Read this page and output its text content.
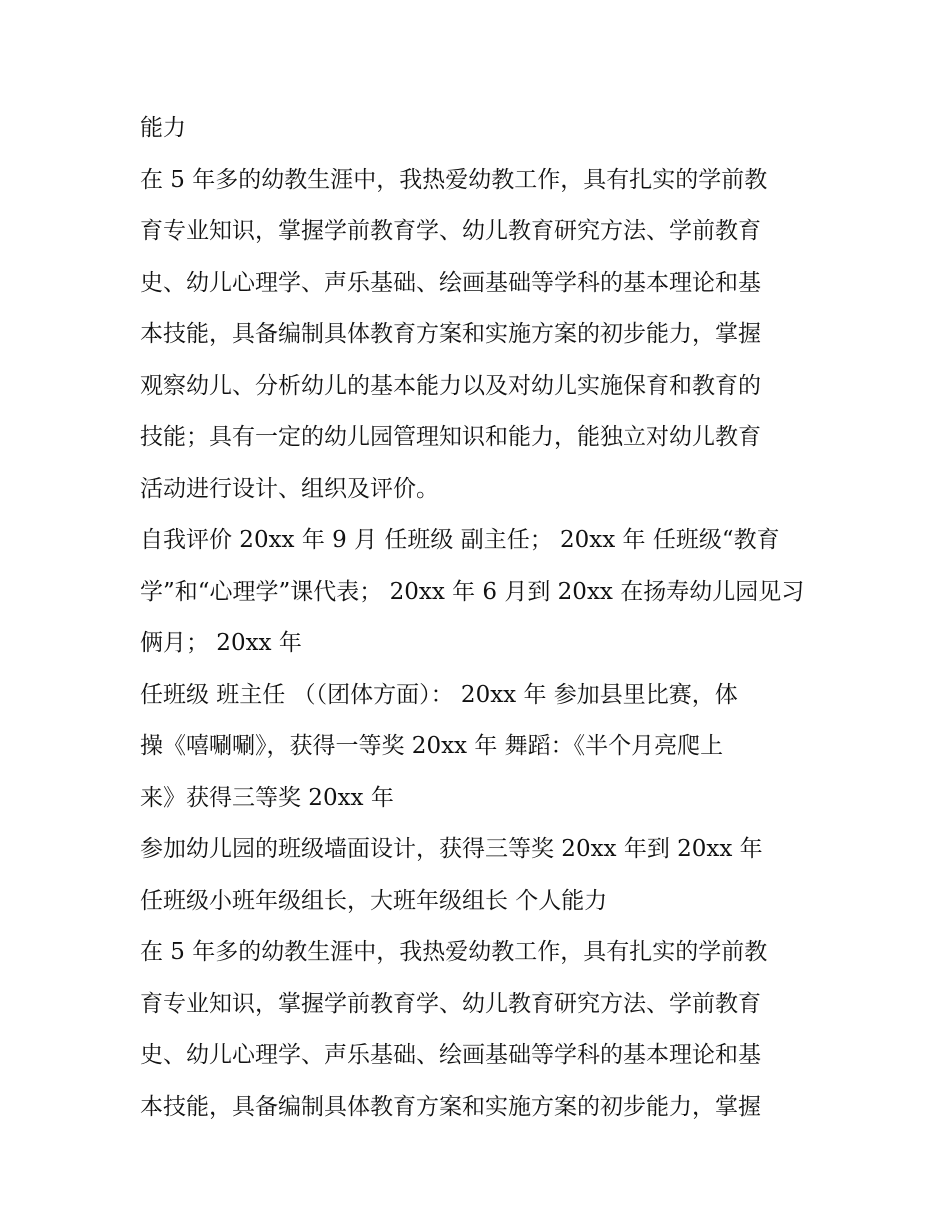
能力
在 5 年多的幼教生涯中，我热爱幼教工作，具有扎实的学前教
育专业知识，掌握学前教育学、幼儿教育研究方法、学前教育
史、幼儿心理学、声乐基础、绘画基础等学科的基本理论和基
本技能，具备编制具体教育方案和实施方案的初步能力，掌握
观察幼儿、分析幼儿的基本能力以及对幼儿实施保育和教育的
技能；具有一定的幼儿园管理知识和能力，能独立对幼儿教育
活动进行设计、组织及评价。
自我评价 20xx 年 9 月 任班级 副主任； 20xx 年 任班级“教育
学”和“心理学”课代表； 20xx 年 6 月到 20xx 在扬寿幼儿园见习
俩月； 20xx 年
任班级 班主任 （（团体方面）： 20xx 年 参加县里比赛，体
操《嘻唰唰》，获得一等奖 20xx 年 舞蹈：《半个月亮爬上
来》获得三等奖 20xx 年
参加幼儿园的班级墙面设计，获得三等奖 20xx 年到 20xx 年
任班级小班年级组长，大班年级组长 个人能力
在 5 年多的幼教生涯中，我热爱幼教工作，具有扎实的学前教
育专业知识，掌握学前教育学、幼儿教育研究方法、学前教育
史、幼儿心理学、声乐基础、绘画基础等学科的基本理论和基
本技能，具备编制具体教育方案和实施方案的初步能力，掌握
